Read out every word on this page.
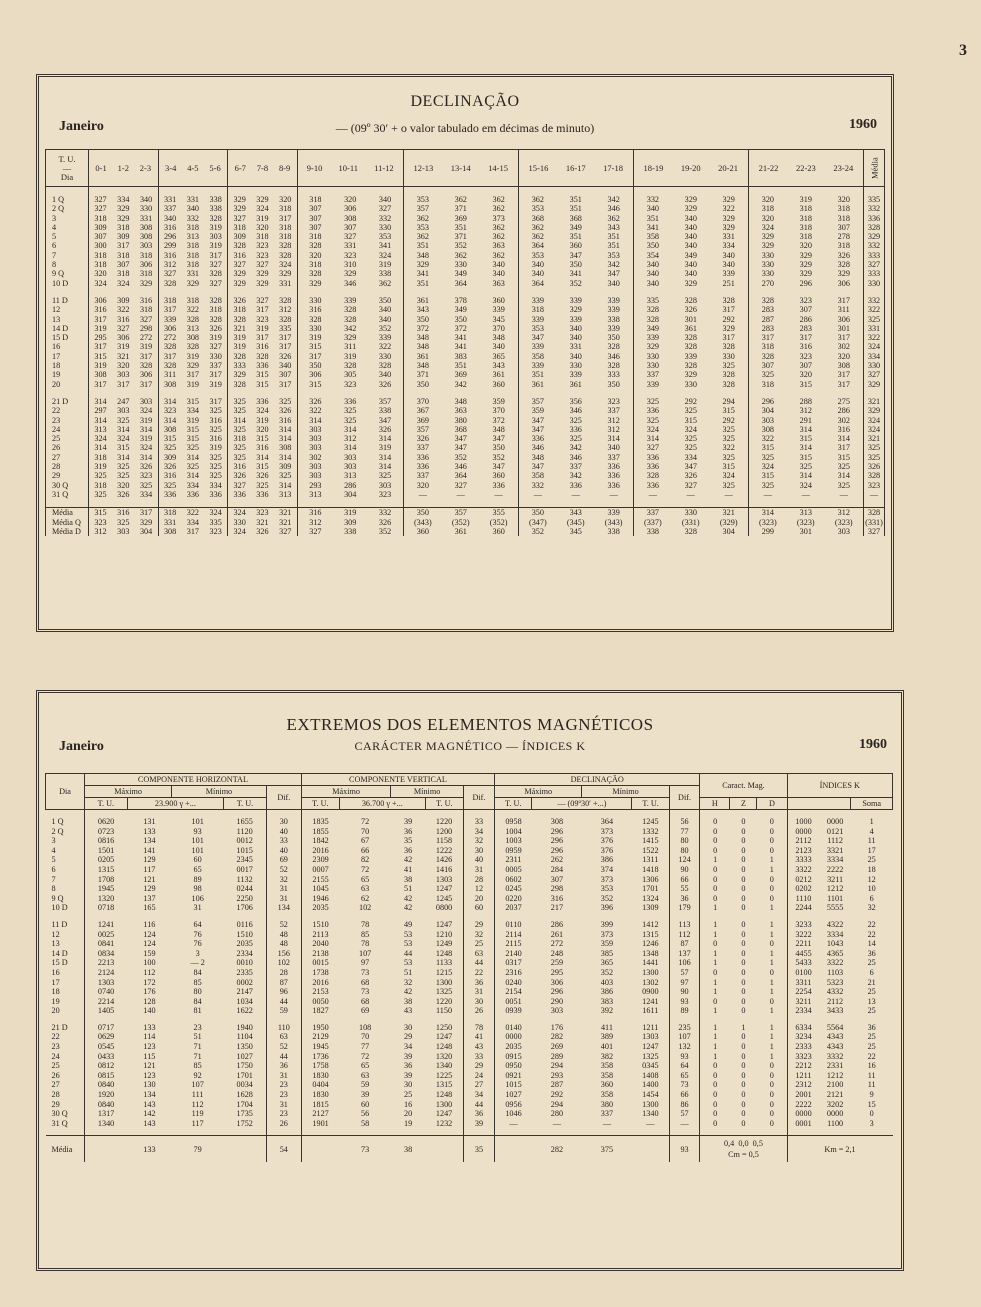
3
DECLINAÇÃO
Janeiro	— (09º 30′ + o valor tabulado em décimas de minuto)	1960
T. U.
—
Dia	0-1 1-2 2-3			3-4 4-5 5-6			6-7 7-8 8-9			9-10 10-11 11-12			12-13 13-14 14-15			15-16 16-17 17-18			18-19 19-20 20-21			21-22 22-23 23-24			Média

1 Q	327	334	340	331	331	338	329	329	320	318	320	340	353	362	362	362	351	342	332	329	329	320	319	320	335
2 Q	327	329	330	337	340	338	329	324	318	307	306	327	357	371	362	353	351	346	340	329	322	318	318	318	332
3	318	329	331	340	332	328	327	319	317	307	308	332	362	369	373	368	368	362	351	340	329	320	318	318	336
4	309	318	308	316	318	319	318	320	318	307	307	330	353	351	362	362	349	343	341	340	329	324	318	307	328
5	307	309	308	296	313	303	309	318	318	318	327	353	362	371	362	362	351	351	358	340	331	329	318	278	329
6	300	317	303	299	318	319	328	323	328	328	331	341	351	352	363	364	360	351	350	340	334	329	320	318	332
7	318	318	318	316	318	317	316	323	328	320	323	324	348	362	362	353	347	353	354	349	340	330	329	326	333
8	318	307	306	312	318	327	327	327	324	318	310	319	329	330	340	340	350	342	340	340	340	330	329	328	327
9 Q	320	318	318	327	331	328	329	329	329	328	329	338	341	349	340	340	341	347	340	340	339	330	329	329	333
10 D	324	324	329	328	329	327	329	329	331	329	346	362	351	364	363	364	352	340	340	329	251	270	296	306	330

11 D	306	309	316	318	318	328	326	327	328	330	339	350	361	378	360	339	339	339	335	328	328	328	323	317	332
12	316	322	318	317	322	318	318	317	312	316	328	340	343	349	339	318	329	339	328	326	317	283	307	311	322
13	317	316	327	339	328	328	328	323	328	328	328	340	350	350	345	339	339	338	328	301	292	287	286	306	325
14 D	319	327	298	306	313	326	321	319	335	330	342	352	372	372	370	353	340	339	349	361	329	283	283	301	331
15 D	295	306	272	272	308	319	319	317	317	319	329	339	348	341	348	347	340	350	339	328	317	317	317	317	322
16	317	319	319	328	328	327	319	316	317	315	311	322	348	341	340	339	331	328	329	328	328	318	316	302	324
17	315	321	317	317	319	330	328	328	326	317	319	330	361	383	365	358	340	346	330	339	330	328	323	320	334
18	319	320	328	328	329	337	333	336	340	350	328	328	348	351	343	339	330	328	330	328	325	307	307	308	330
19	308	303	306	311	317	317	329	315	307	306	305	340	371	369	361	351	339	333	337	329	328	325	320	317	327
20	317	317	317	308	319	319	328	315	317	315	323	326	350	342	360	361	361	350	339	330	328	318	315	317	329

21 D	314	247	303	314	315	317	325	336	325	326	336	357	370	348	359	357	356	323	325	292	294	296	288	275	321
22	297	303	324	323	334	325	325	324	326	322	325	338	367	363	370	359	346	337	336	325	315	304	312	286	329
23	314	325	319	314	319	316	314	319	316	314	325	347	369	380	372	347	325	312	325	315	292	303	291	302	324
24	313	314	314	308	315	325	325	320	314	303	314	326	357	368	348	347	336	312	324	324	325	308	314	316	324
25	324	324	319	315	315	316	318	315	314	303	312	314	326	347	347	336	325	314	314	325	325	322	315	314	321
26	314	315	324	325	325	319	325	316	308	303	314	319	337	347	350	346	342	340	327	325	322	315	314	317	325
27	318	314	314	309	314	325	325	314	314	302	303	314	336	352	352	348	346	337	336	334	325	325	315	315	325
28	319	325	326	326	325	325	316	315	309	303	303	314	336	346	347	347	337	336	336	347	315	324	325	325	326
29	325	325	323	316	314	325	326	326	325	303	313	325	337	364	360	358	342	336	328	326	324	315	314	314	328
30 Q	318	320	325	325	334	334	327	325	314	293	286	303	320	327	336	332	336	336	336	327	325	325	324	325	323
31 Q	325	326	334	336	336	336	336	336	313	313	304	323	—	—	—	—	—	—	—	—	—	—	—	—	—

Média	315	316	317	318	322	324	324	323	321	316	319	332	350	357	355	350	343	339	337	330	321	314	313	312	328
Média Q	323	325	329	331	334	335	330	321	321	312	309	326	(343)	(352)	(352)	(347)	(345)	(343)	(337)	(331)	(329)	(323)	(323)	(323)	(331)
Média D	312	303	304	308	317	323	324	326	327	327	338	352	360	361	360	352	345	338	338	328	304	299	301	303	327
EXTREMOS DOS ELEMENTOS MAGNÉTICOS
CARÁCTER MAGNÉTICO — ÍNDICES K
Janeiro	1960
Dia	COMPONENTE HORIZONTAL					COMPONENTE VERTICAL					DECLINAÇÃO					Caract. Mag.			ÍNDICES K		
	Máximo		Mínimo		Dif.	Máximo		Mínimo		Dif.	Máximo		Mínimo		Dif.						
	T. U.	23.900 γ +...		T. U.		T. U.	36.700 γ +...		T. U.		T. U.	— (09º30′ +...)		T. U.		H	Z	D			Soma

1 Q	0620	131	101	1655	30	1835	72	39	1220	33	0958	308	364	1245	56	0	0	0	1000	0000	1
2 Q	0723	133	93	1120	40	1855	70	36	1200	34	1004	296	373	1332	77	0	0	0	0000	0121	4
3	0816	134	101	0012	33	1842	67	35	1158	32	1003	296	376	1415	80	0	0	0	2112	1112	11
4	1501	141	101	1015	40	2016	66	36	1222	30	0959	296	376	1522	80	0	0	0	2123	3321	17
5	0205	129	60	2345	69	2309	82	42	1426	40	2311	262	386	1311	124	1	0	1	3333	3334	25
6	1315	117	65	0017	52	0007	72	41	1416	31	0005	284	374	1418	90	0	0	1	3322	2222	18
7	1708	121	89	1132	32	2155	65	38	1303	28	0602	307	373	1306	66	0	0	0	0212	3211	12
8	1945	129	98	0244	31	1045	63	51	1247	12	0245	298	353	1701	55	0	0	0	0202	1212	10
9 Q	1320	137	106	2250	31	1946	62	42	1245	20	0220	316	352	1324	36	0	0	0	1110	1101	6
10 D	0718	165	31	1706	134	2035	102	42	0800	60	2037	217	396	1309	179	1	0	1	2244	5555	32

11 D	1241	116	64	0116	52	1510	78	49	1247	29	0110	286	399	1412	113	1	0	1	3233	4322	22
12	0025	124	76	1510	48	2113	85	53	1210	32	2114	261	373	1315	112	1	0	1	3222	3334	22
13	0841	124	76	2035	48	2040	78	53	1249	25	2115	272	359	1246	87	0	0	0	2211	1043	14
14 D	0834	159	3	2334	156	2138	107	44	1248	63	2140	248	385	1348	137	1	0	1	4455	4365	36
15 D	2213	100	— 2	0010	102	0015	97	53	1133	44	0317	259	365	1441	106	1	0	1	5433	3322	25
16	2124	112	84	2335	28	1738	73	51	1215	22	2316	295	352	1300	57	0	0	0	0100	1103	6
17	1303	172	85	0002	87	2016	68	32	1300	36	0240	306	403	1302	97	1	0	1	3311	5323	21
18	0740	176	80	2147	96	2153	73	42	1325	31	2154	296	386	0900	90	1	0	1	2254	4332	25
19	2214	128	84	1034	44	0050	68	38	1220	30	0051	290	383	1241	93	0	0	0	3211	2112	13
20	1405	140	81	1622	59	1827	69	43	1150	26	0939	303	392	1611	89	1	0	1	2334	3433	25

21 D	0717	133	23	1940	110	1950	108	30	1250	78	0140	176	411	1211	235	1	1	1	6334	5564	36
22	0629	114	51	1104	63	2129	70	29	1247	41	0000	282	389	1303	107	1	0	1	3234	4343	25
23	0545	123	71	1350	52	1945	77	34	1248	43	2035	269	401	1247	132	1	0	1	2333	4343	25
24	0433	115	71	1027	44	1736	72	39	1320	33	0915	289	382	1325	93	1	0	1	3323	3332	22
25	0812	121	85	1750	36	1758	65	36	1340	29	0950	294	358	0345	64	0	0	0	2212	2331	16
26	0815	123	92	1701	31	1830	63	39	1225	24	0921	293	358	1408	65	0	0	0	1211	1212	11
27	0840	130	107	0034	23	0404	59	30	1315	27	1015	287	360	1400	73	0	0	0	2312	2100	11
28	1920	134	111	1628	23	1830	39	25	1248	34	1027	292	358	1454	66	0	0	0	2001	2121	9
29	0840	143	112	1704	31	1815	60	16	1300	44	0956	294	380	1300	86	0	0	0	2222	3202	15
30 Q	1317	142	119	1735	23	2127	56	20	1247	36	1046	280	337	1340	57	0	0	0	0000	0000	0
31 Q	1340	143	117	1752	26	1901	58	19	1232	39	—	—	—	—	—	0	0	0	0001	1100	3

Média		133	79		54		73	38		35		282	375		93	0,4  0,0  0,5
Cm = 0,5			Km = 2,1		
